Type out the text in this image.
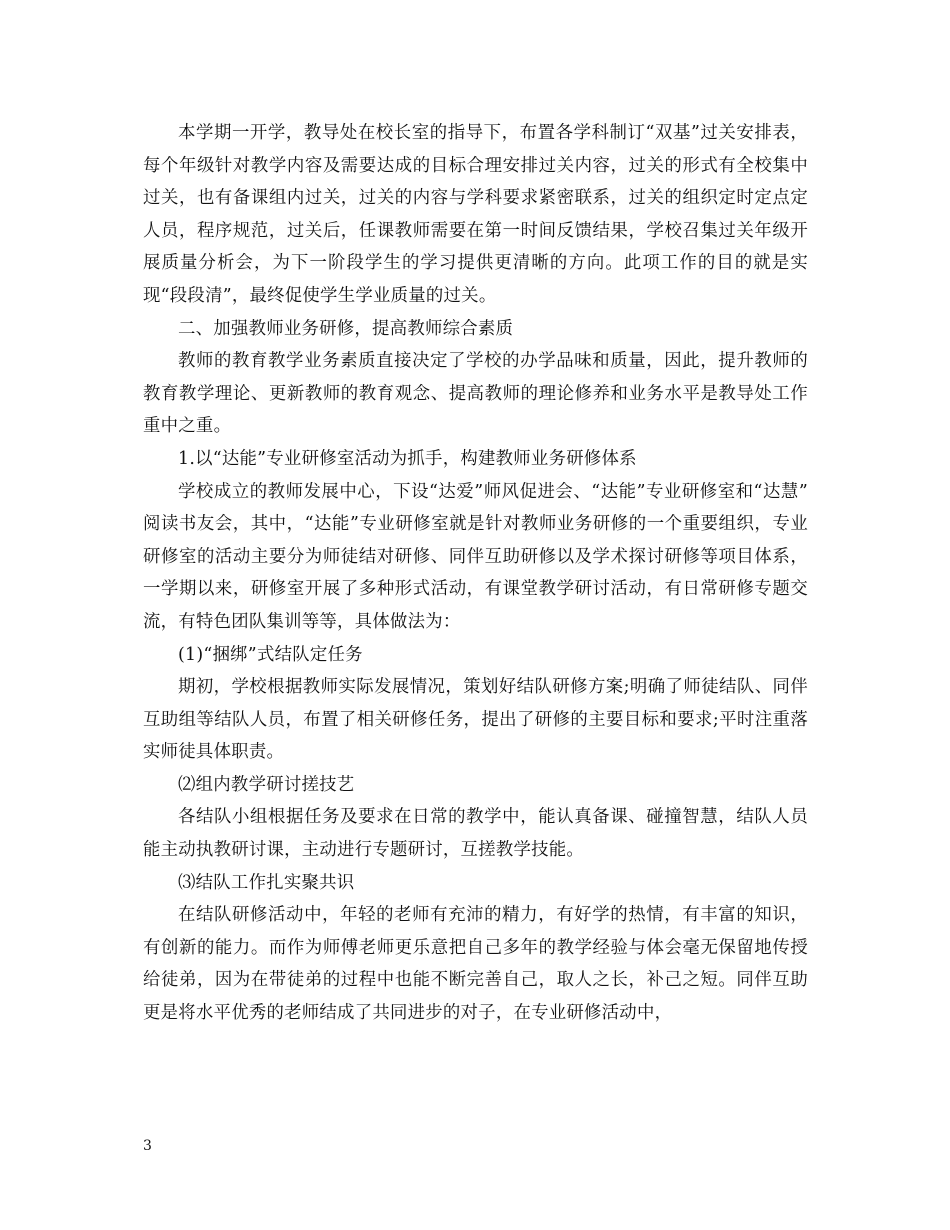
本学期一开学，教导处在校长室的指导下，布置各学科制订“双基”过关安排表，每个年级针对教学内容及需要达成的目标合理安排过关内容，过关的形式有全校集中过关，也有备课组内过关，过关的内容与学科要求紧密联系，过关的组织定时定点定人员，程序规范，过关后，任课教师需要在第一时间反馈结果，学校召集过关年级开展质量分析会，为下一阶段学生的学习提供更清晰的方向。此项工作的目的就是实现“段段清”，最终促使学生学业质量的过关。

二、加强教师业务研修，提高教师综合素质

教师的教育教学业务素质直接决定了学校的办学品味和质量，因此，提升教师的教育教学理论、更新教师的教育观念、提高教师的理论修养和业务水平是教导处工作重中之重。

1.以“达能”专业研修室活动为抓手，构建教师业务研修体系

学校成立的教师发展中心，下设“达爱”师风促进会、“达能”专业研修室和“达慧”  阅读书友会，其中，“达能”专业研修室就是针对教师业务研修的一个重要组织，专业研修室的活动主要分为师徒结对研修、同伴互助研修以及学术探讨研修等项目体系，一学期以来，研修室开展了多种形式活动，有课堂教学研讨活动，有日常研修专题交流，有特色团队集训等等，具体做法为：

(1)“捆绑”式结队定任务

期初，学校根据教师实际发展情况，策划好结队研修方案;明确了师徒结队、同伴互助组等结队人员，布置了相关研修任务，提出了研修的主要目标和要求;平时注重落实师徒具体职责。

⑵组内教学研讨搓技艺

各结队小组根据任务及要求在日常的教学中，能认真备课、碰撞智慧，结队人员能主动执教研讨课，主动进行专题研讨，互搓教学技能。

⑶结队工作扎实聚共识

在结队研修活动中，年轻的老师有充沛的精力，有好学的热情，有丰富的知识，有创新的能力。而作为师傅老师更乐意把自己多年的教学经验与体会毫无保留地传授给徒弟，因为在带徒弟的过程中也能不断完善自己，取人之长，补己之短。同伴互助更是将水平优秀的老师结成了共同进步的对子，在专业研修活动中，

3
